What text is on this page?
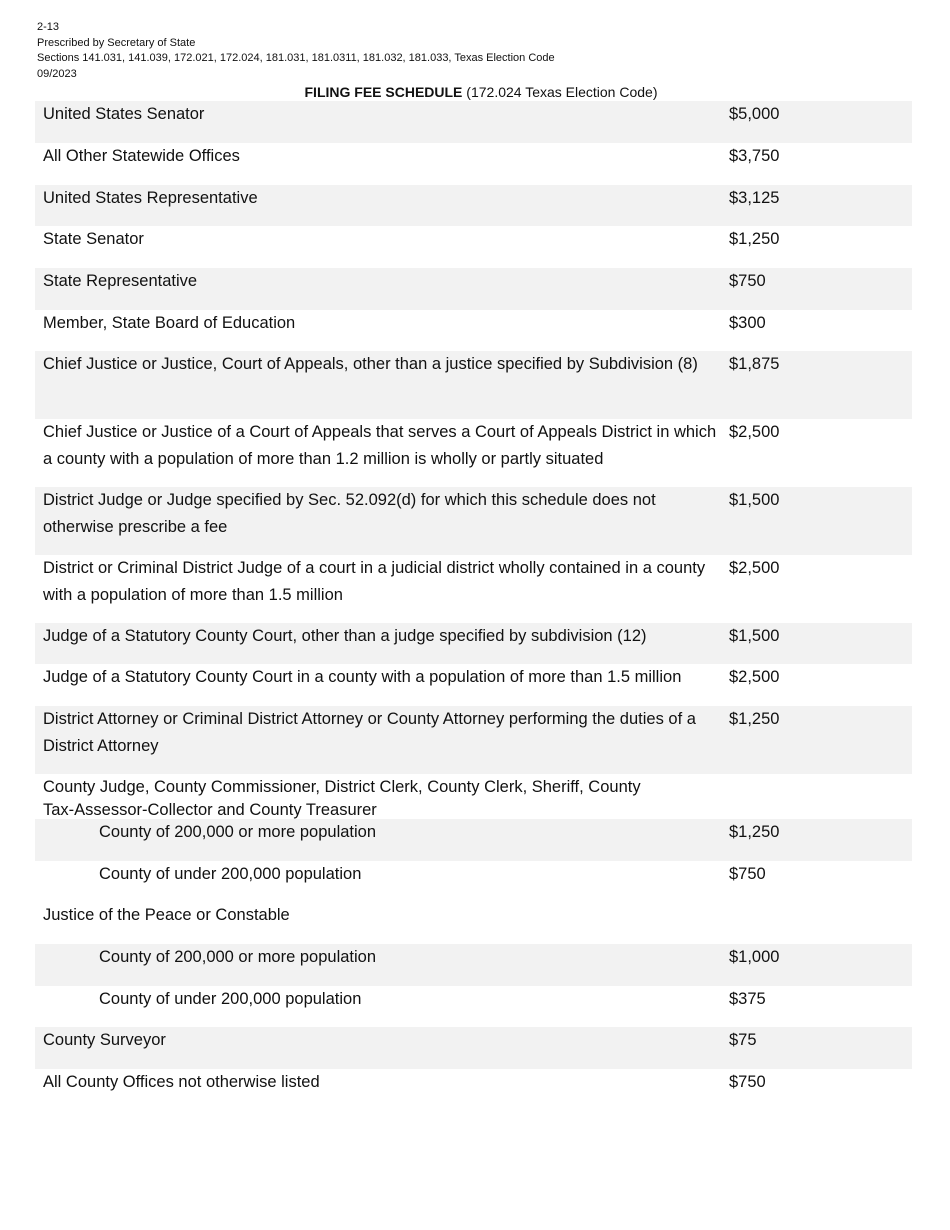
2-13
Prescribed by Secretary of State
Sections 141.031, 141.039, 172.021, 172.024, 181.031, 181.0311, 181.032, 181.033, Texas Election Code
09/2023
FILING FEE SCHEDULE (172.024 Texas Election Code)
United States Senator	$5,000
All Other Statewide Offices	$3,750
United States Representative	$3,125
State Senator	$1,250
State Representative	$750
Member, State Board of Education	$300
Chief Justice or Justice, Court of Appeals, other than a justice specified by Subdivision (8)	$1,875
Chief Justice or Justice of a Court of Appeals that serves a Court of Appeals District in which a county with a population of more than 1.2 million is wholly or partly situated
$2,500
District Judge or Judge specified by Sec. 52.092(d) for which this schedule does not otherwise prescribe a fee
$1,500
District or Criminal District Judge of a court in a judicial district wholly contained in a county with a population of more than 1.5 million
$2,500
Judge of a Statutory County Court, other than a judge specified by subdivision (12)	$1,500
Judge of a Statutory County Court in a county with a population of more than 1.5 million	$2,500
District Attorney or Criminal District Attorney or County Attorney performing the duties of a District Attorney
$1,250
County Judge, County Commissioner, District Clerk, County Clerk, Sheriff, County Tax-Assessor-Collector and County Treasurer
County of 200,000 or more population	$1,250
County of under 200,000 population	$750
Justice of the Peace or Constable
County of 200,000 or more population	$1,000
County of under 200,000 population	$375
County Surveyor	$75
All County Offices not otherwise listed	$750
